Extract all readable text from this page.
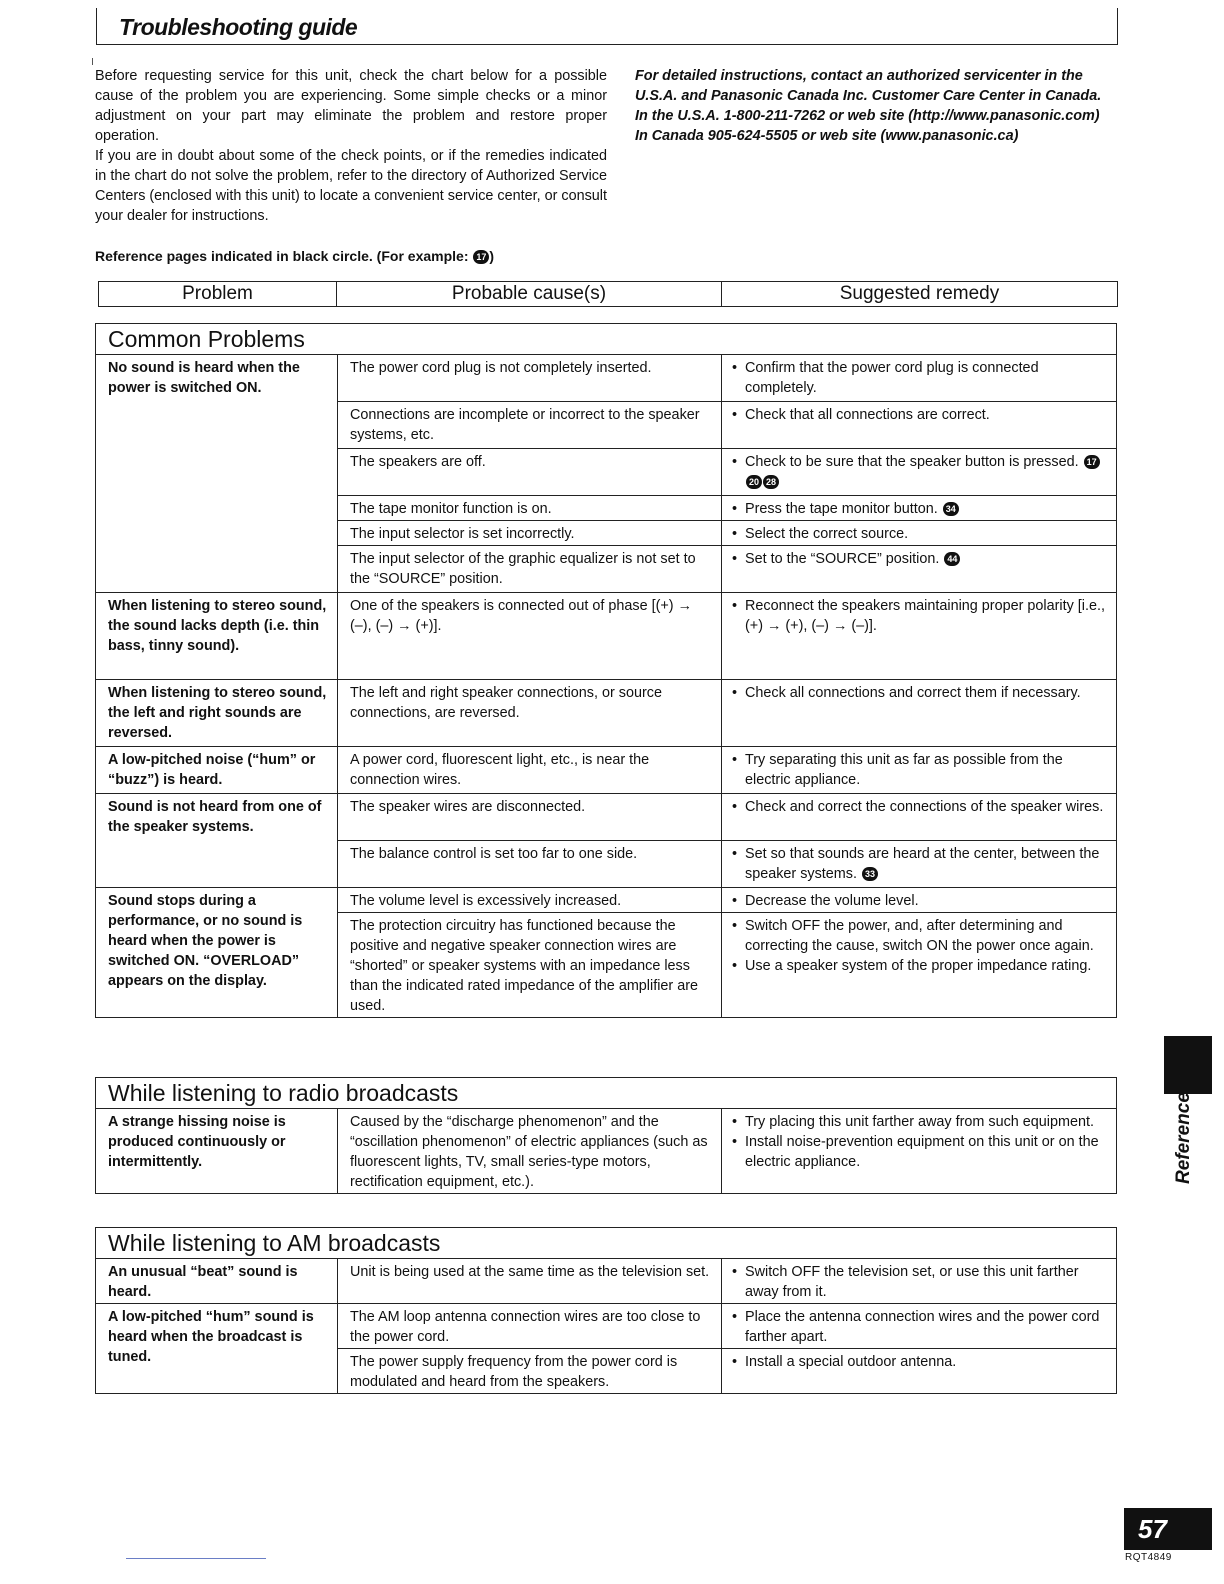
Troubleshooting guide

Before requesting service for this unit, check the chart below for a possible cause of the problem you are experiencing. Some simple checks or a minor adjustment on your part may eliminate the problem and restore proper operation.

If you are in doubt about some of the check points, or if the remedies indicated in the chart do not solve the problem, refer to the directory of Authorized Service Centers (enclosed with this unit) to locate a convenient service center, or consult your dealer for instructions.

For detailed instructions, contact an authorized servicenter in the U.S.A. and Panasonic Canada Inc. Customer Care Center in Canada.

In the U.S.A. 1-800-211-7262 or web site (http://www.panasonic.com)

In Canada 905-624-5505 or web site (www.panasonic.ca)

Reference pages indicated in black circle. (For example: 17 )
Problem	Probable cause(s)	Suggested remedy
Common Problems
No sound is heard when the power is switched ON.	The power cord plug is not completely inserted.	• Confirm that the power cord plug is connected completely.

	Connections are incomplete or incorrect to the speaker systems, etc.	• Check that all connections are correct.

	The speakers are off.	• Check to be sure that the speaker button is pressed. 1720 28

	The tape monitor function is on.	• Press the tape monitor button. 34

	The input selector is set incorrectly.	• Select the correct source.

	The input selector of the graphic equalizer is not set to the “SOURCE” position.	• Set to the “SOURCE” position. 44

When listening to stereo sound, the sound lacks depth (i.e. thin bass, tinny sound).	One of the speakers is connected out of phase [(+) → (–), (–) → (+)].	• Reconnect the speakers maintaining proper polarity [i.e., (+) → (+), (–) → (–)].

When listening to stereo sound, the left and right sounds are reversed.	The left and right speaker connections, or source connections, are reversed.	• Check all connections and correct them if necessary.

A low-pitched noise (“hum” or “buzz”) is heard.	A power cord, fluorescent light, etc., is near the connection wires.	• Try separating this unit as far as possible from the electric appliance.

Sound is not heard from one of the speaker systems.	The speaker wires are disconnected.	• Check and correct the connections of the speaker wires.

	The balance control is set too far to one side.	• Set so that sounds are heard at the center, between the speaker systems. 33

Sound stops during a performance, or no sound is heard when the power is switched ON. “OVERLOAD” appears on the display.	The volume level is excessively increased.	• Decrease the volume level.

	The protection circuitry has functioned because the positive and negative speaker connection wires are “shorted” or speaker systems with an impedance less than the indicated rated impedance of the amplifier are used.	• Switch OFF the power, and, after determining and correcting the cause, switch ON the power once again.
• Use a speaker system of the proper impedance rating.
While listening to radio broadcasts
A strange hissing noise is produced continuously or intermittently.	Caused by the “discharge phenomenon” and the “oscillation phenomenon” of electric appliances (such as fluorescent lights, TV, small series-type motors, rectification equipment, etc.).	
• Try placing this unit farther away from such equipment.
• Install noise-prevention equipment on this unit or on the electric appliance.
While listening to AM broadcasts
An unusual “beat” sound is heard.	Unit is being used at the same time as the television set.	• Switch OFF the television set, or use this unit farther away from it.

A low-pitched “hum” sound is heard when the broadcast is tuned.	The AM loop antenna connection wires are too close to the power cord.	• Place the antenna connection wires and the power cord farther apart.

	The power supply frequency from the power cord is modulated and heard from the speakers.	• Install a special outdoor antenna.
Reference
57
RQT4849
